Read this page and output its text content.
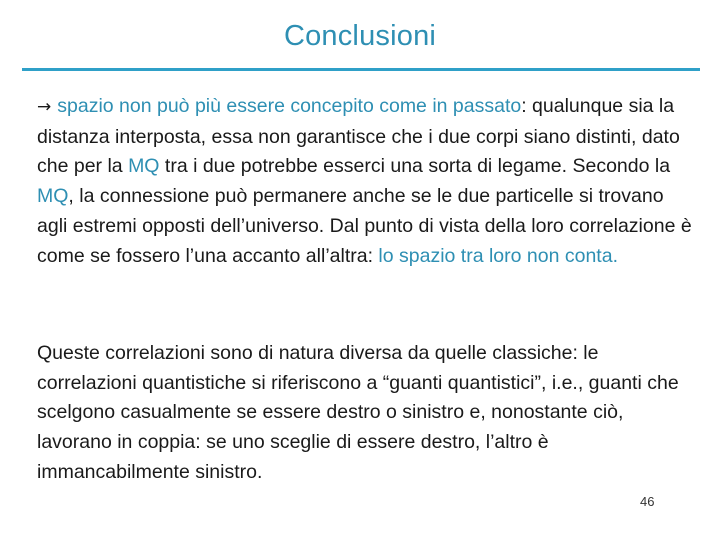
Conclusioni
→ spazio non può più essere concepito come in passato: qualunque sia la distanza interposta, essa non garantisce che i due corpi siano distinti, dato che per la MQ tra i due potrebbe esserci una sorta di legame. Secondo la MQ, la connessione può permanere anche se le due particelle si trovano agli estremi opposti dell’universo. Dal punto di vista della loro correlazione è come se fossero l’una accanto all’altra: lo spazio tra loro non conta.
Queste correlazioni sono di natura diversa da quelle classiche: le correlazioni quantistiche si riferiscono a “guanti quantistici”, i.e., guanti che scelgono casualmente se essere destro o sinistro e, nonostante ciò, lavorano in coppia: se uno sceglie di essere destro, l’altro è immancabilmente sinistro.
46
